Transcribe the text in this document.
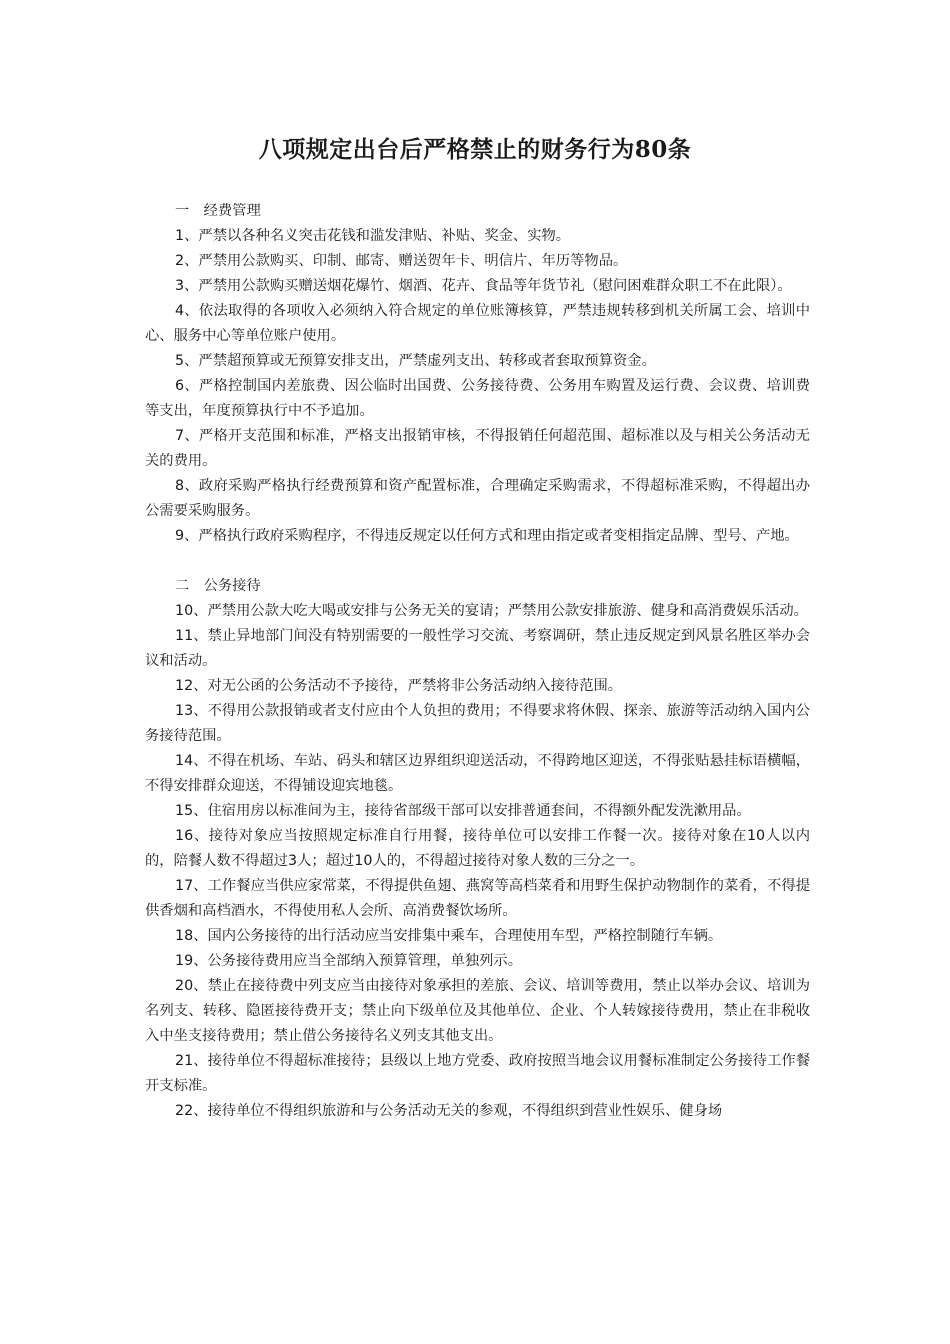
八项规定出台后严格禁止的财务行为80条

一　经费管理

1、严禁以各种名义突击花钱和滥发津贴、补贴、奖金、实物。

2、严禁用公款购买、印制、邮寄、赠送贺年卡、明信片、年历等物品。

3、严禁用公款购买赠送烟花爆竹、烟酒、花卉、食品等年货节礼（慰问困难群众职工不在此限）。

4、依法取得的各项收入必须纳入符合规定的单位账簿核算，严禁违规转移到机关所属工会、培训中心、服务中心等单位账户使用。

5、严禁超预算或无预算安排支出，严禁虚列支出、转移或者套取预算资金。

6、严格控制国内差旅费、因公临时出国费、公务接待费、公务用车购置及运行费、会议费、培训费等支出，年度预算执行中不予追加。

7、严格开支范围和标准，严格支出报销审核，不得报销任何超范围、超标准以及与相关公务活动无关的费用。

8、政府采购严格执行经费预算和资产配置标准，合理确定采购需求，不得超标准采购，不得超出办公需要采购服务。

9、严格执行政府采购程序，不得违反规定以任何方式和理由指定或者变相指定品牌、型号、产地。

二　公务接待

10、严禁用公款大吃大喝或安排与公务无关的宴请；严禁用公款安排旅游、健身和高消费娱乐活动。

11、禁止异地部门间没有特别需要的一般性学习交流、考察调研，禁止违反规定到风景名胜区举办会议和活动。

12、对无公函的公务活动不予接待，严禁将非公务活动纳入接待范围。

13、不得用公款报销或者支付应由个人负担的费用；不得要求将休假、探亲、旅游等活动纳入国内公务接待范围。

14、不得在机场、车站、码头和辖区边界组织迎送活动，不得跨地区迎送，不得张贴悬挂标语横幅，不得安排群众迎送，不得铺设迎宾地毯。

15、住宿用房以标准间为主，接待省部级干部可以安排普通套间，不得额外配发洗漱用品。

16、接待对象应当按照规定标准自行用餐，接待单位可以安排工作餐一次。接待对象在10人以内的，陪餐人数不得超过3人；超过10人的，不得超过接待对象人数的三分之一。

17、工作餐应当供应家常菜，不得提供鱼翅、燕窝等高档菜肴和用野生保护动物制作的菜肴，不得提供香烟和高档酒水，不得使用私人会所、高消费餐饮场所。

18、国内公务接待的出行活动应当安排集中乘车，合理使用车型，严格控制随行车辆。

19、公务接待费用应当全部纳入预算管理，单独列示。

20、禁止在接待费中列支应当由接待对象承担的差旅、会议、培训等费用，禁止以举办会议、培训为名列支、转移、隐匿接待费开支；禁止向下级单位及其他单位、企业、个人转嫁接待费用，禁止在非税收入中坐支接待费用；禁止借公务接待名义列支其他支出。

21、接待单位不得超标准接待；县级以上地方党委、政府按照当地会议用餐标准制定公务接待工作餐开支标准。

22、接待单位不得组织旅游和与公务活动无关的参观，不得组织到营业性娱乐、健身场
